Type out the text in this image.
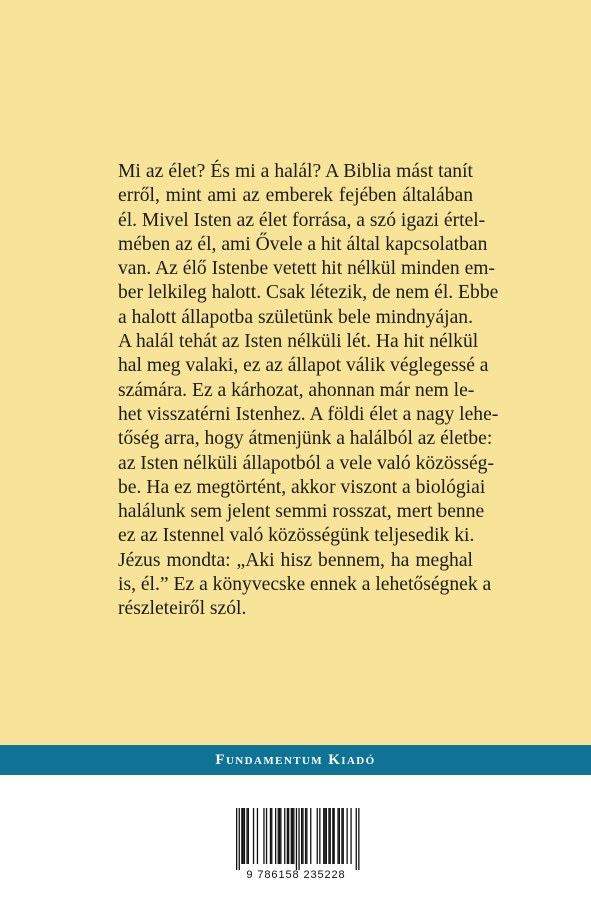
Mi az élet? És mi a halál? A Biblia mást tanít
erről, mint ami az emberek fejében általában
él. Mivel Isten az élet forrása, a szó igazi értel-
mében az él, ami Ővele a hit által kapcsolatban
van. Az élő Istenbe vetett hit nélkül minden em-
ber lelkileg halott. Csak létezik, de nem él. Ebbe
a halott állapotba születünk bele mindnyájan.
A halál tehát az Isten nélküli lét. Ha hit nélkül
hal meg valaki, ez az állapot válik véglegessé a
számára. Ez a kárhozat, ahonnan már nem le-
het visszatérni Istenhez. A földi élet a nagy lehe-
tőség arra, hogy átmenjünk a halálból az életbe:
az Isten nélküli állapotból a vele való közösség-
be. Ha ez megtörtént, akkor viszont a biológiai
halálunk sem jelent semmi rosszat, mert benne
ez az Istennel való közösségünk teljesedik ki.
Jézus mondta: „Aki hisz bennem, ha meghal
is, él.” Ez a könyvecske ennek a lehetőségnek a
részleteiről szól.

Fundamentum Kiadó
9 786158 235228
